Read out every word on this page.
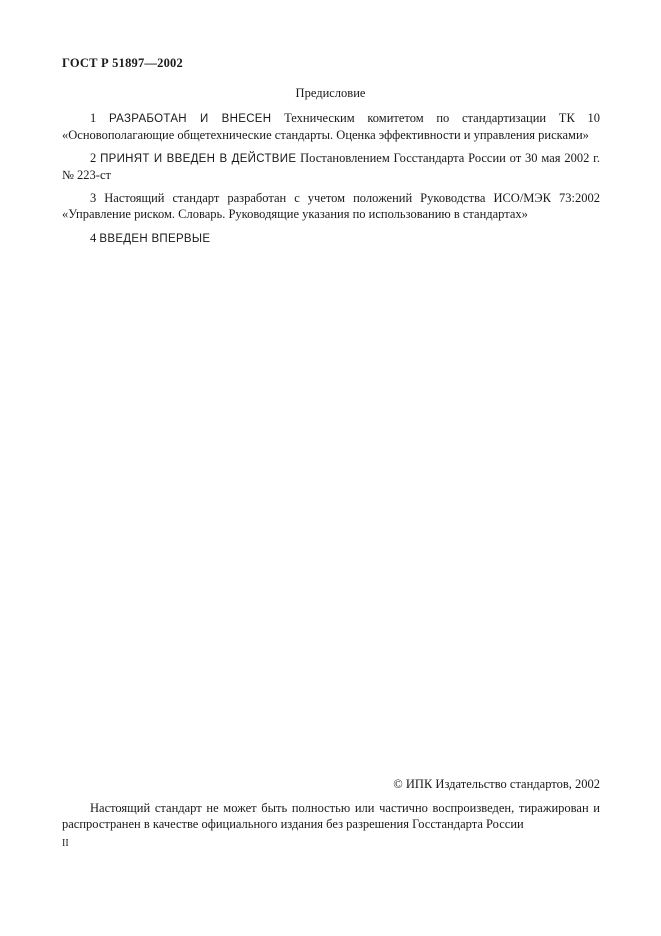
ГОСТ Р 51897—2002
Предисловие
1 РАЗРАБОТАН И ВНЕСЕН Техническим комитетом по стандартизации ТК 10 «Основополагающие общетехнические стандарты. Оценка эффективности и управления рисками»
2 ПРИНЯТ И ВВЕДЕН В ДЕЙСТВИЕ Постановлением Госстандарта России от 30 мая 2002 г. № 223-ст
3 Настоящий стандарт разработан с учетом положений Руководства ИСО/МЭК 73:2002 «Управление риском. Словарь. Руководящие указания по использованию в стандартах»
4 ВВЕДЕН ВПЕРВЫЕ
© ИПК Издательство стандартов, 2002
Настоящий стандарт не может быть полностью или частично воспроизведен, тиражирован и распространен в качестве официального издания без разрешения Госстандарта России
II
